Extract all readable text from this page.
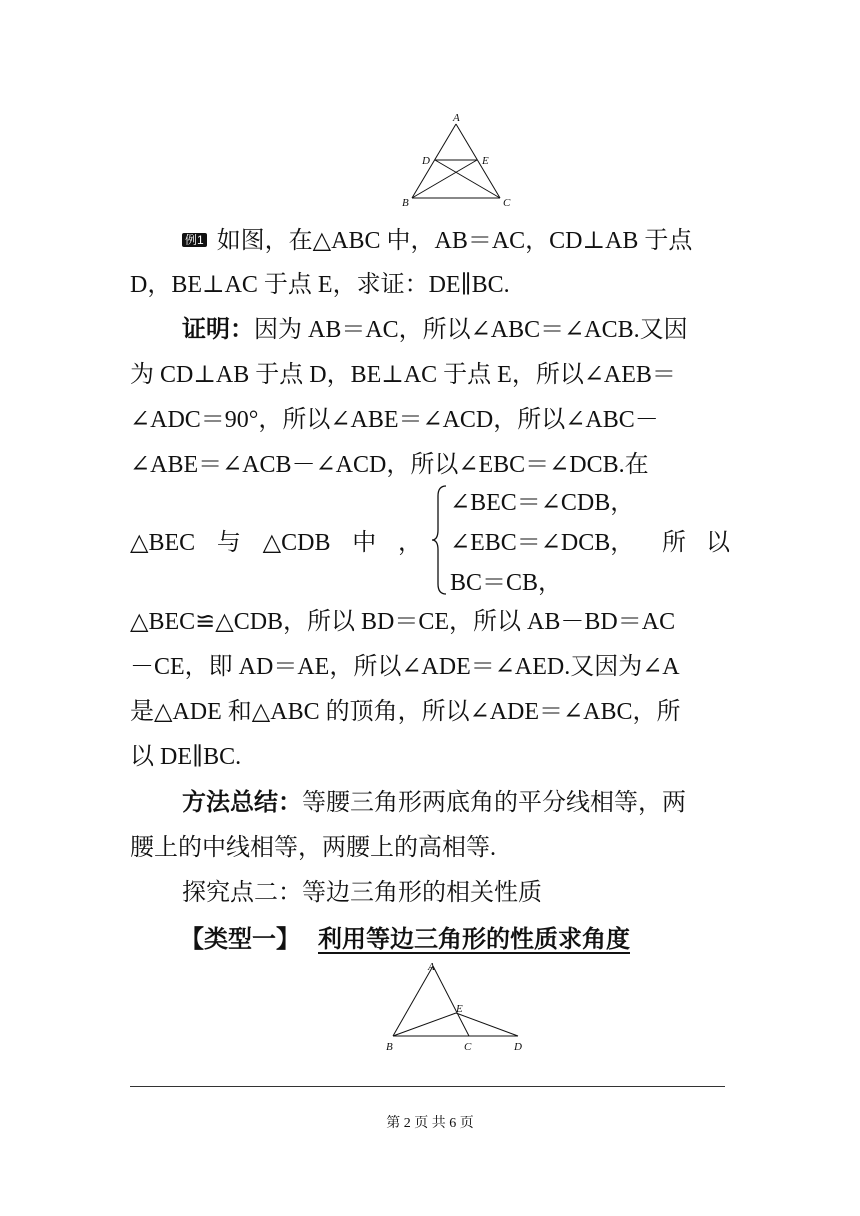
A
D	E
B	C
例1 如图，在△ABC 中，AB＝AC，CD⊥AB 于点
D，BE⊥AC 于点 E，求证：DE∥BC.
证明：因为 AB＝AC，所以∠ABC＝∠ACB.又因
为 CD⊥AB 于点 D，BE⊥AC 于点 E，所以∠AEB＝
∠ADC＝90°，所以∠ABE＝∠ACD，所以∠ABC－
∠ABE＝∠ACB－∠ACD，所以∠EBC＝∠DCB.在
△BEC 与 △CDB 中 ，
∠BEC＝∠CDB，
∠EBC＝∠DCB，
BC＝CB，
所 以
△BEC≌△CDB，所以 BD＝CE，所以 AB－BD＝AC
－CE，即 AD＝AE，所以∠ADE＝∠AED.又因为∠A
是△ADE 和△ABC 的顶角，所以∠ADE＝∠ABC，所
以 DE∥BC.
方法总结：等腰三角形两底角的平分线相等，两
腰上的中线相等，两腰上的高相等.
探究点二：等边三角形的相关性质
【类型一】 利用等边三角形的性质求角度
A
E
B	C	D
第 2 页 共 6 页
